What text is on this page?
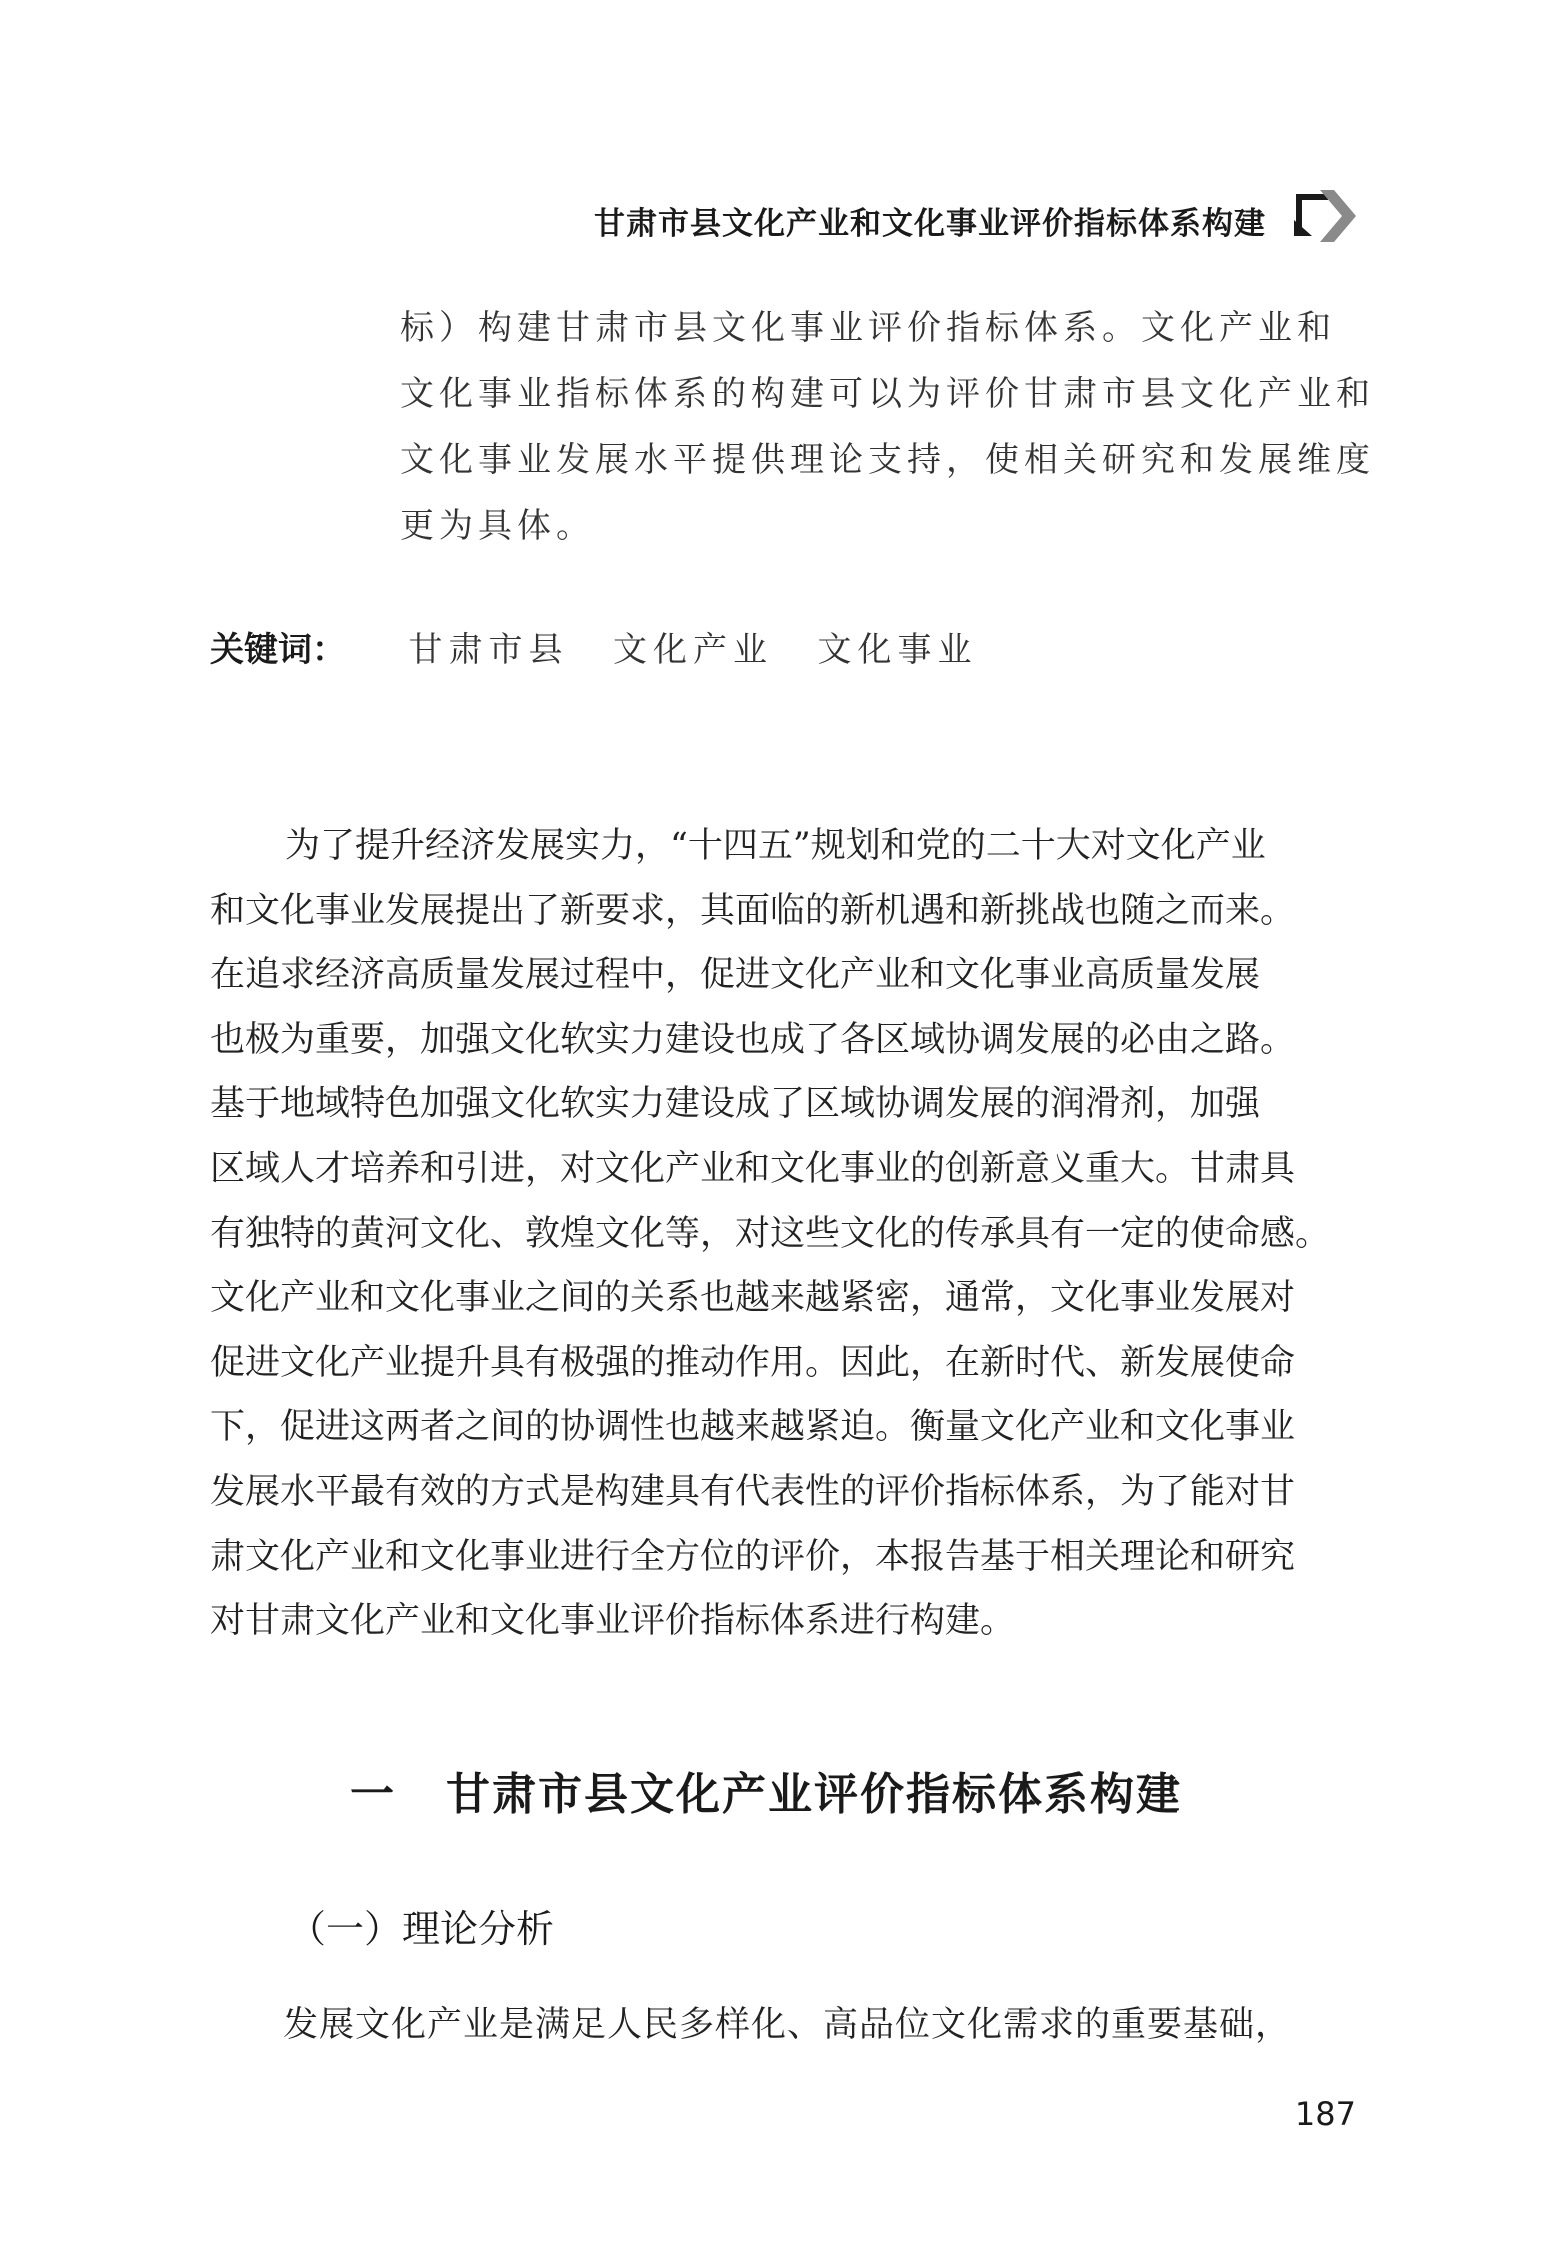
甘肃市县文化产业和文化事业评价指标体系构建

标）构建甘肃市县文化事业评价指标体系。文化产业和

文化事业指标体系的构建可以为评价甘肃市县文化产业和

文化事业发展水平提供理论支持，使相关研究和发展维度

更为具体。

关键词： 甘肃市县 文化产业 文化事业

为了提升经济发展实力，“十四五”规划和党的二十大对文化产业

和文化事业发展提出了新要求，其面临的新机遇和新挑战也随之而来。

在追求经济高质量发展过程中，促进文化产业和文化事业高质量发展

也极为重要，加强文化软实力建设也成了各区域协调发展的必由之路。

基于地域特色加强文化软实力建设成了区域协调发展的润滑剂，加强

区域人才培养和引进，对文化产业和文化事业的创新意义重大。甘肃具

有独特的黄河文化、敦煌文化等，对这些文化的传承具有一定的使命感。

文化产业和文化事业之间的关系也越来越紧密，通常，文化事业发展对

促进文化产业提升具有极强的推动作用。因此，在新时代、新发展使命

下，促进这两者之间的协调性也越来越紧迫。衡量文化产业和文化事业

发展水平最有效的方式是构建具有代表性的评价指标体系，为了能对甘

肃文化产业和文化事业进行全方位的评价，本报告基于相关理论和研究

对甘肃文化产业和文化事业评价指标体系进行构建。

一 甘肃市县文化产业评价指标体系构建
（一）理论分析
发展文化产业是满足人民多样化、高品位文化需求的重要基础，
187
